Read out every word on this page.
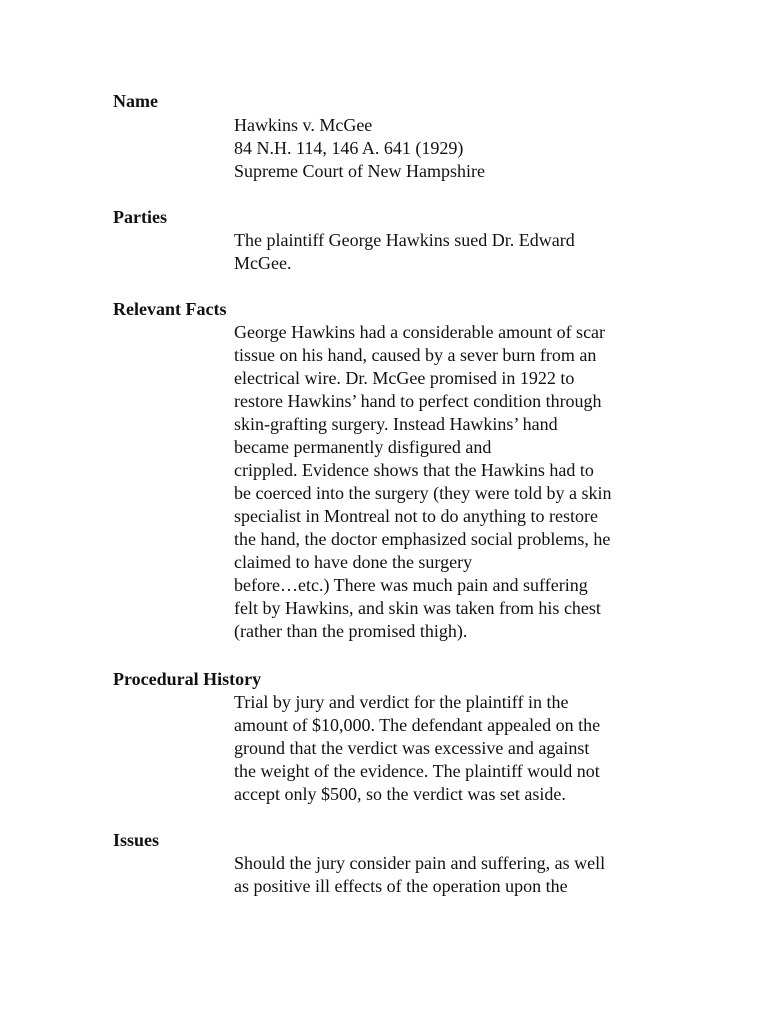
Name
Hawkins v. McGee
84 N.H. 114, 146 A. 641 (1929)
Supreme Court of New Hampshire
Parties
The plaintiff George Hawkins sued Dr. Edward
McGee.
Relevant Facts
George Hawkins had a considerable amount of scar
tissue on his hand, caused by a sever burn from an
electrical wire. Dr. McGee promised in 1922 to
restore Hawkins’ hand to perfect condition through
skin-grafting surgery. Instead Hawkins’ hand
became permanently disfigured and
crippled. Evidence shows that the Hawkins had to
be coerced into the surgery (they were told by a skin
specialist in Montreal not to do anything to restore
the hand, the doctor emphasized social problems, he
claimed to have done the surgery
before…etc.) There was much pain and suffering
felt by Hawkins, and skin was taken from his chest
(rather than the promised thigh).
Procedural History
Trial by jury and verdict for the plaintiff in the
amount of $10,000. The defendant appealed on the
ground that the verdict was excessive and against
the weight of the evidence. The plaintiff would not
accept only $500, so the verdict was set aside.
Issues
Should the jury consider pain and suffering, as well
as positive ill effects of the operation upon the
